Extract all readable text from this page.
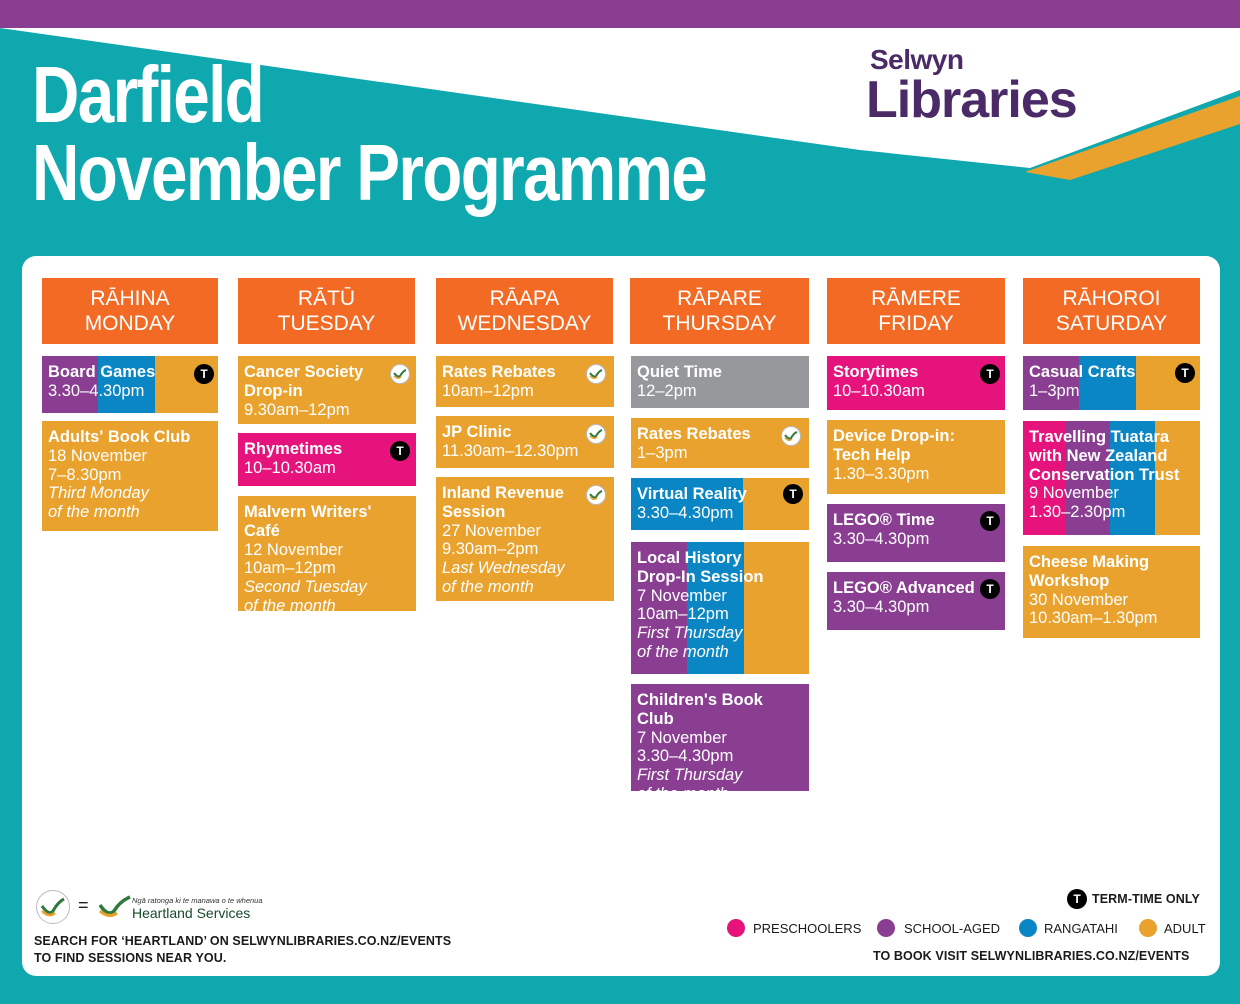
Darfield
November Programme
Selwyn
Libraries
RĀHINA
MONDAY
RĀTŪ
TUESDAY
RĀAPA
WEDNESDAY
RĀPARE
THURSDAY
RĀMERE
FRIDAY
RĀHOROI
SATURDAY
Board Games
3.30–4.30pm
T
Adults' Book Club
18 November
7–8.30pm
Third Monday
of the month
Cancer Society
Drop-in
9.30am–12pm
Rhymetimes
10–10.30am
T
Malvern Writers' Café
12 November
10am–12pm
Second Tuesday
of the month
Rates Rebates
10am–12pm
JP Clinic
11.30am–12.30pm
Inland Revenue
Session
27 November
9.30am–2pm
Last Wednesday
of the month
Quiet Time
12–2pm
Rates Rebates
1–3pm
Virtual Reality
3.30–4.30pm
T
Local History
Drop-In Session
7 November
10am–12pm
First Thursday
of the month
Children's Book Club
7 November
3.30–4.30pm
First Thursday
of the month
Storytimes
10–10.30am
T
Device Drop-in:
Tech Help
1.30–3.30pm
LEGO® Time
3.30–4.30pm
T
LEGO® Advanced
3.30–4.30pm
T
Casual Crafts
1–3pm
T
Travelling Tuatara
with New Zealand
Conservation Trust
9 November
1.30–2.30pm
Cheese Making
Workshop
30 November
10.30am–1.30pm
=	Ngā ratonga ki te manawa o te whenua
Heartland Services
SEARCH FOR ‘HEARTLAND’ ON SELWYNLIBRARIES.CO.NZ/EVENTS
TO FIND SESSIONS NEAR YOU.
T TERM-TIME ONLY
PRESCHOOLERS	SCHOOL-AGED	RANGATAHI	ADULT
TO BOOK VISIT SELWYNLIBRARIES.CO.NZ/EVENTS
